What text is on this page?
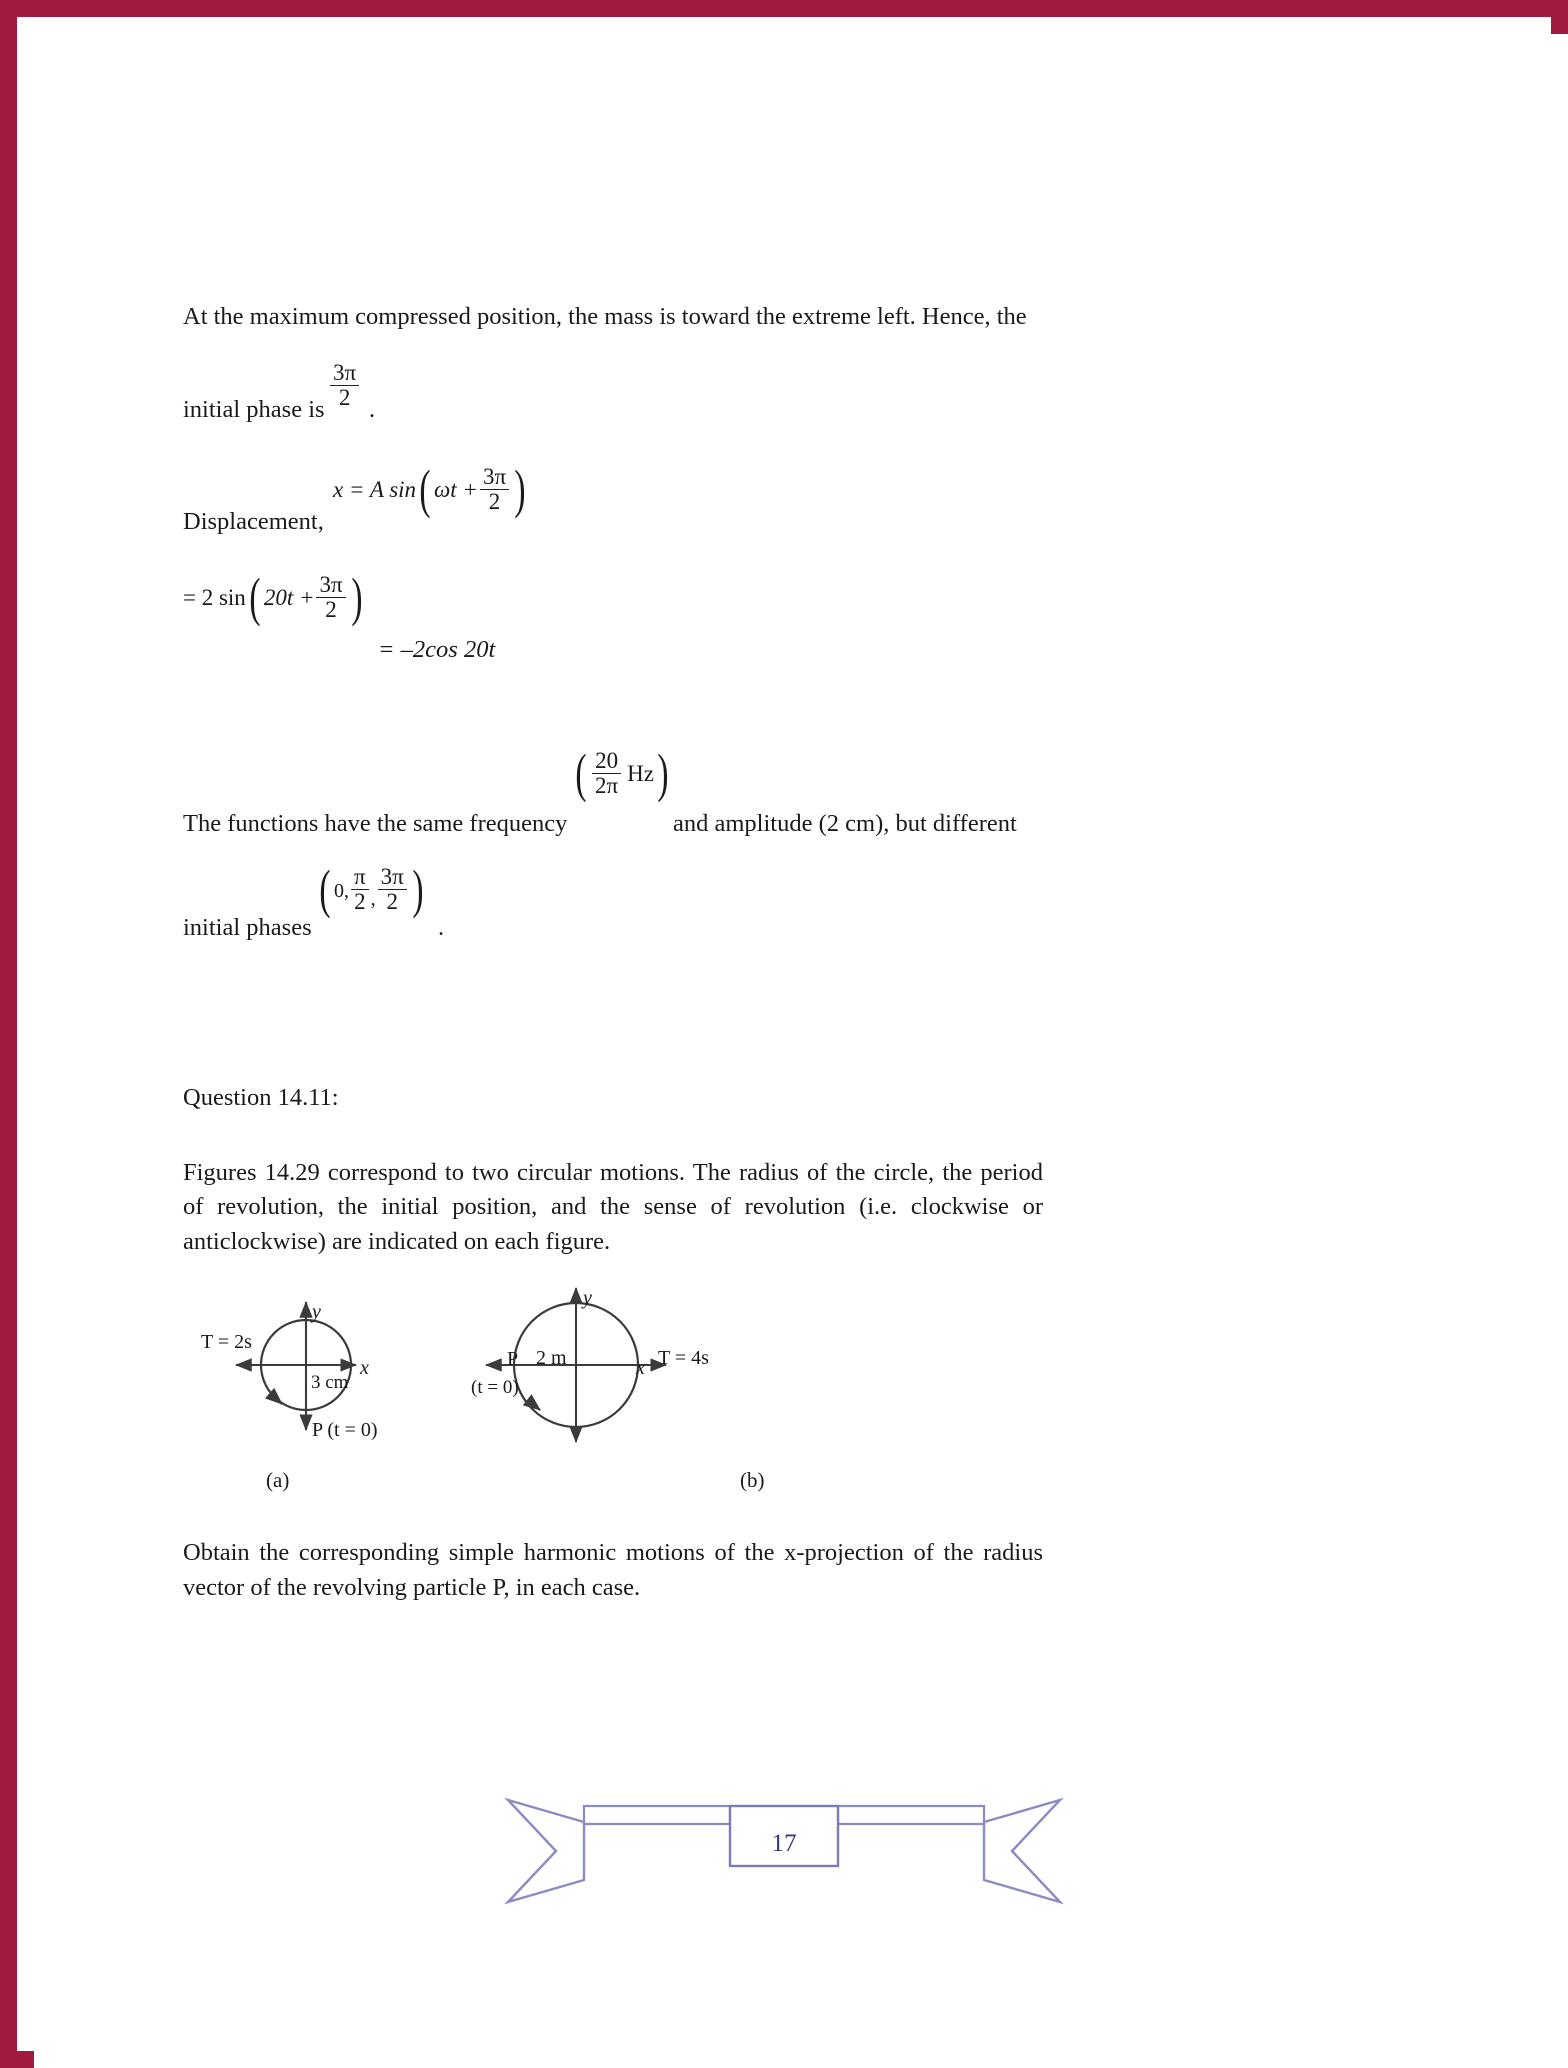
At the maximum compressed position, the mass is toward the extreme left. Hence, the

initial phase is $\frac{3\pi}{2}$ .
Displacement,
x = A sin( $\omega t + \frac{3\pi}{2}$ )
= 2 sin( $20t + \frac{3\pi}{2}$ )
= –2cos 20t
The functions have the same frequency
( $\frac{20}{2\pi} Hz$)
and amplitude (2 cm), but different
initial phases
( 0, $\frac{\pi}{2}$ , $\frac{3\pi}{2}$ )
.

Question 14.11:

Figures 14.29 correspond to two circular motions. The radius of the circle, the period of revolution, the initial position, and the sense of revolution (i.e. clockwise or anticlockwise) are indicated on each figure.

T = 2s
3 cm
x
y
P (t = 0)
(a)
P
(t = 0)
2 m	x
y
T = 4s
(b)

Obtain the corresponding simple harmonic motions of the x-projection of the radius vector of the revolving particle P, in each case.

17
